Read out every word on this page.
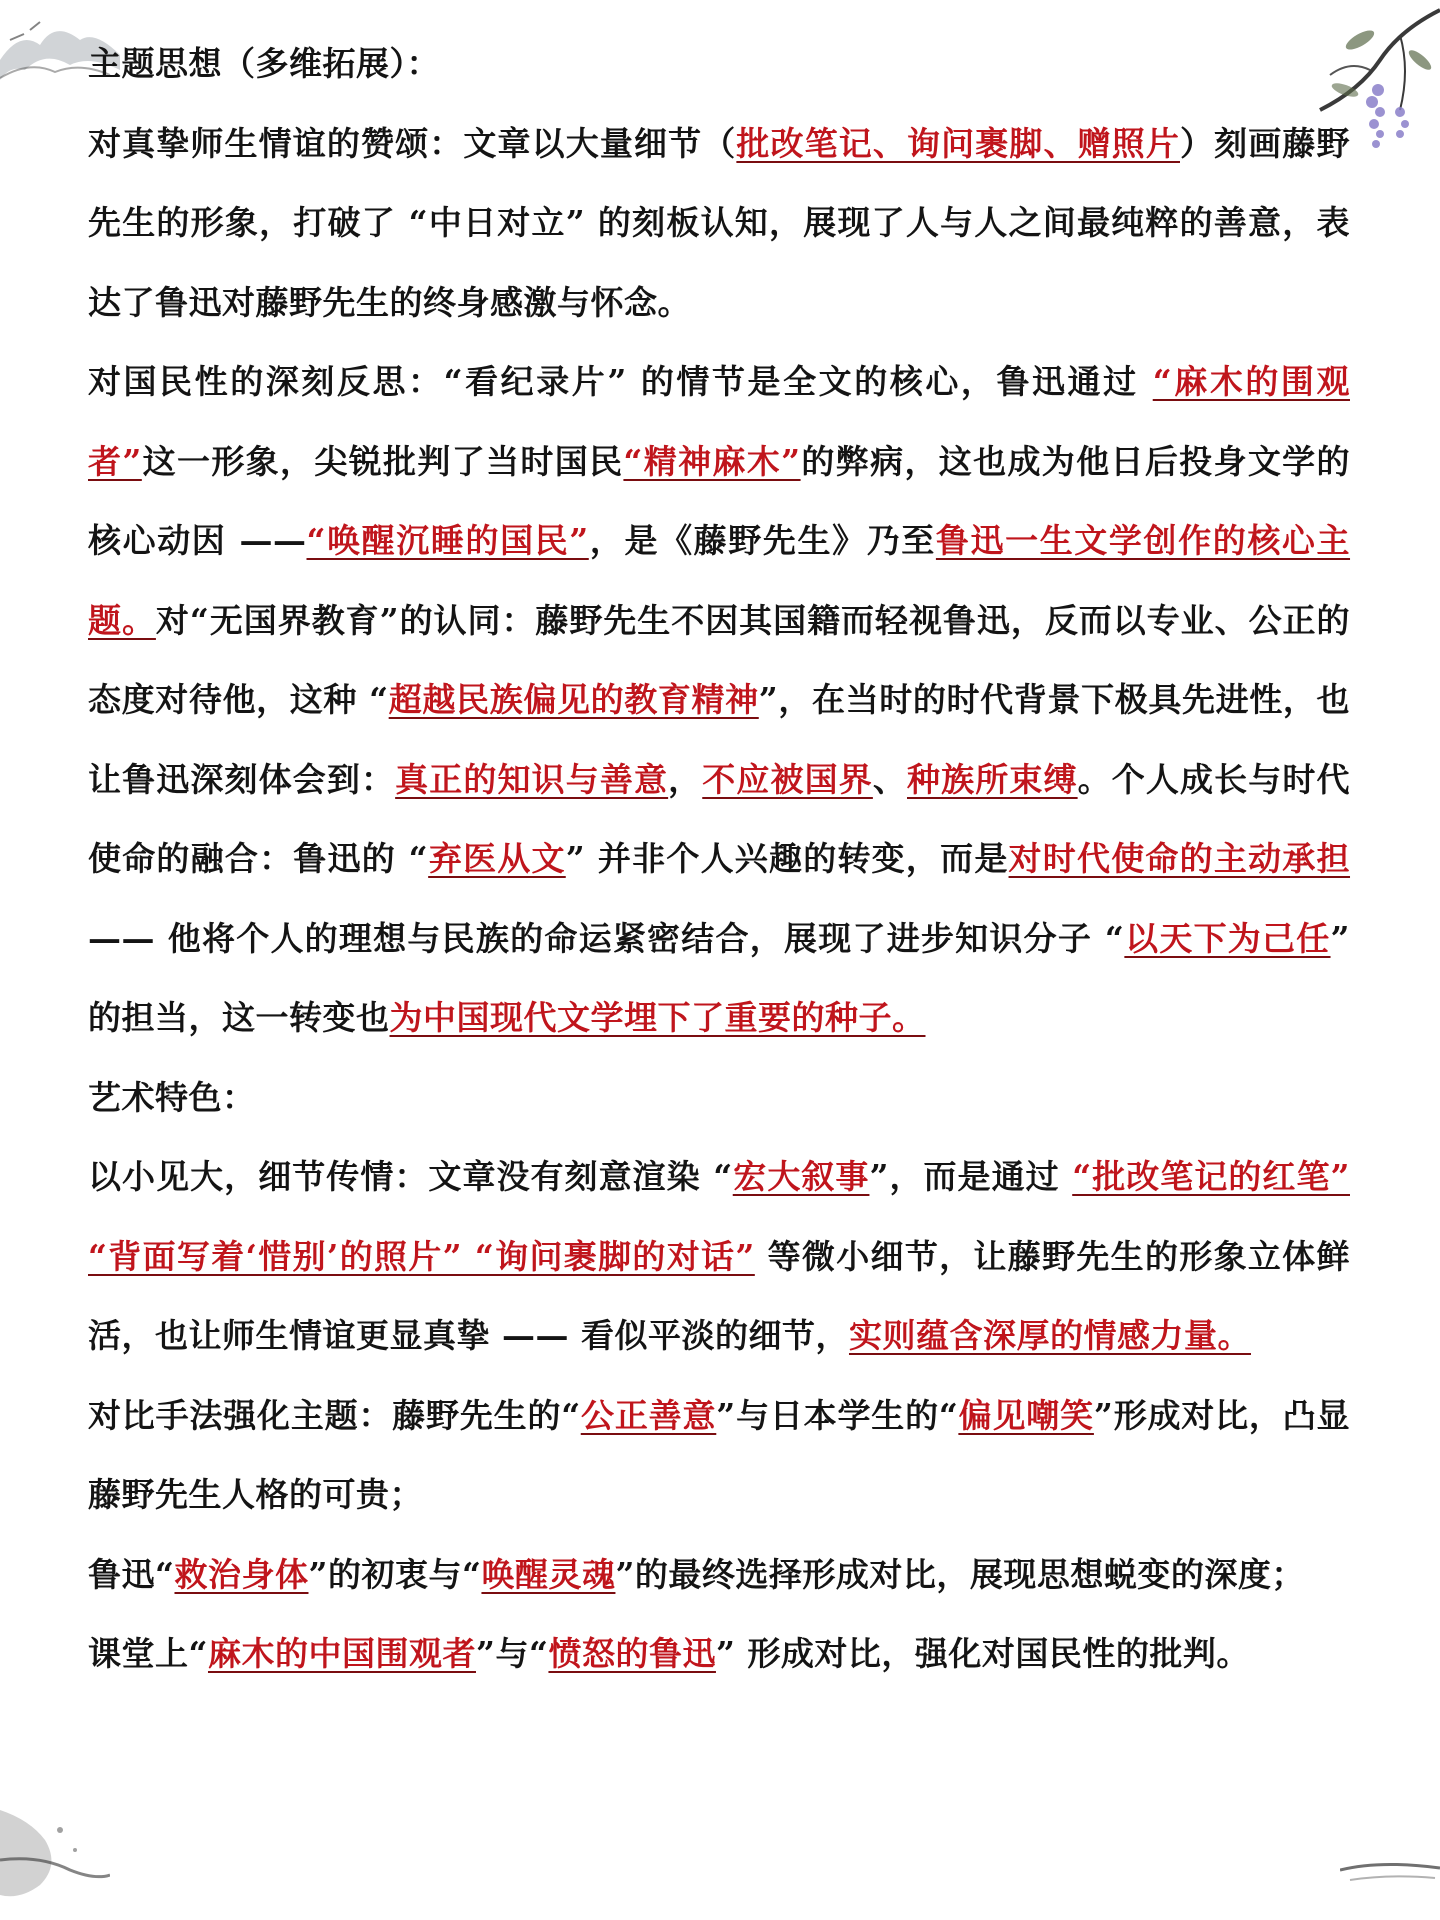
主题思想（多维拓展）：

对真挚师生情谊的赞颂：文章以大量细节（批改笔记、询问裹脚、赠照片）刻画藤野先生的形象，打破了 “中日对立” 的刻板认知，展现了人与人之间最纯粹的善意，表达了鲁迅对藤野先生的终身感激与怀念。

对国民性的深刻反思：“看纪录片” 的情节是全文的核心，鲁迅通过 “麻木的围观者”这一形象，尖锐批判了当时国民“精神麻木”的弊病，这也成为他日后投身文学的核心动因 ——“唤醒沉睡的国民”，是《藤野先生》乃至鲁迅一生文学创作的核心主题。对“无国界教育”的认同：藤野先生不因其国籍而轻视鲁迅，反而以专业、公正的态度对待他，这种 “超越民族偏见的教育精神”，在当时的时代背景下极具先进性，也让鲁迅深刻体会到：真正的知识与善意，不应被国界、种族所束缚。个人成长与时代使命的融合：鲁迅的 “弃医从文” 并非个人兴趣的转变，而是对时代使命的主动承担 —— 他将个人的理想与民族的命运紧密结合，展现了进步知识分子 “以天下为己任” 的担当，这一转变也为中国现代文学埋下了重要的种子。

艺术特色：

以小见大，细节传情：文章没有刻意渲染 “宏大叙事”，而是通过 “批改笔记的红笔” “背面写着‘惜别’的照片” “询问裹脚的对话” 等微小细节，让藤野先生的形象立体鲜活，也让师生情谊更显真挚 —— 看似平淡的细节，实则蕴含深厚的情感力量。

对比手法强化主题：藤野先生的“公正善意”与日本学生的“偏见嘲笑”形成对比，凸显藤野先生人格的可贵；

鲁迅“救治身体”的初衷与“唤醒灵魂”的最终选择形成对比，展现思想蜕变的深度；

课堂上“麻木的中国围观者”与“愤怒的鲁迅” 形成对比，强化对国民性的批判。
